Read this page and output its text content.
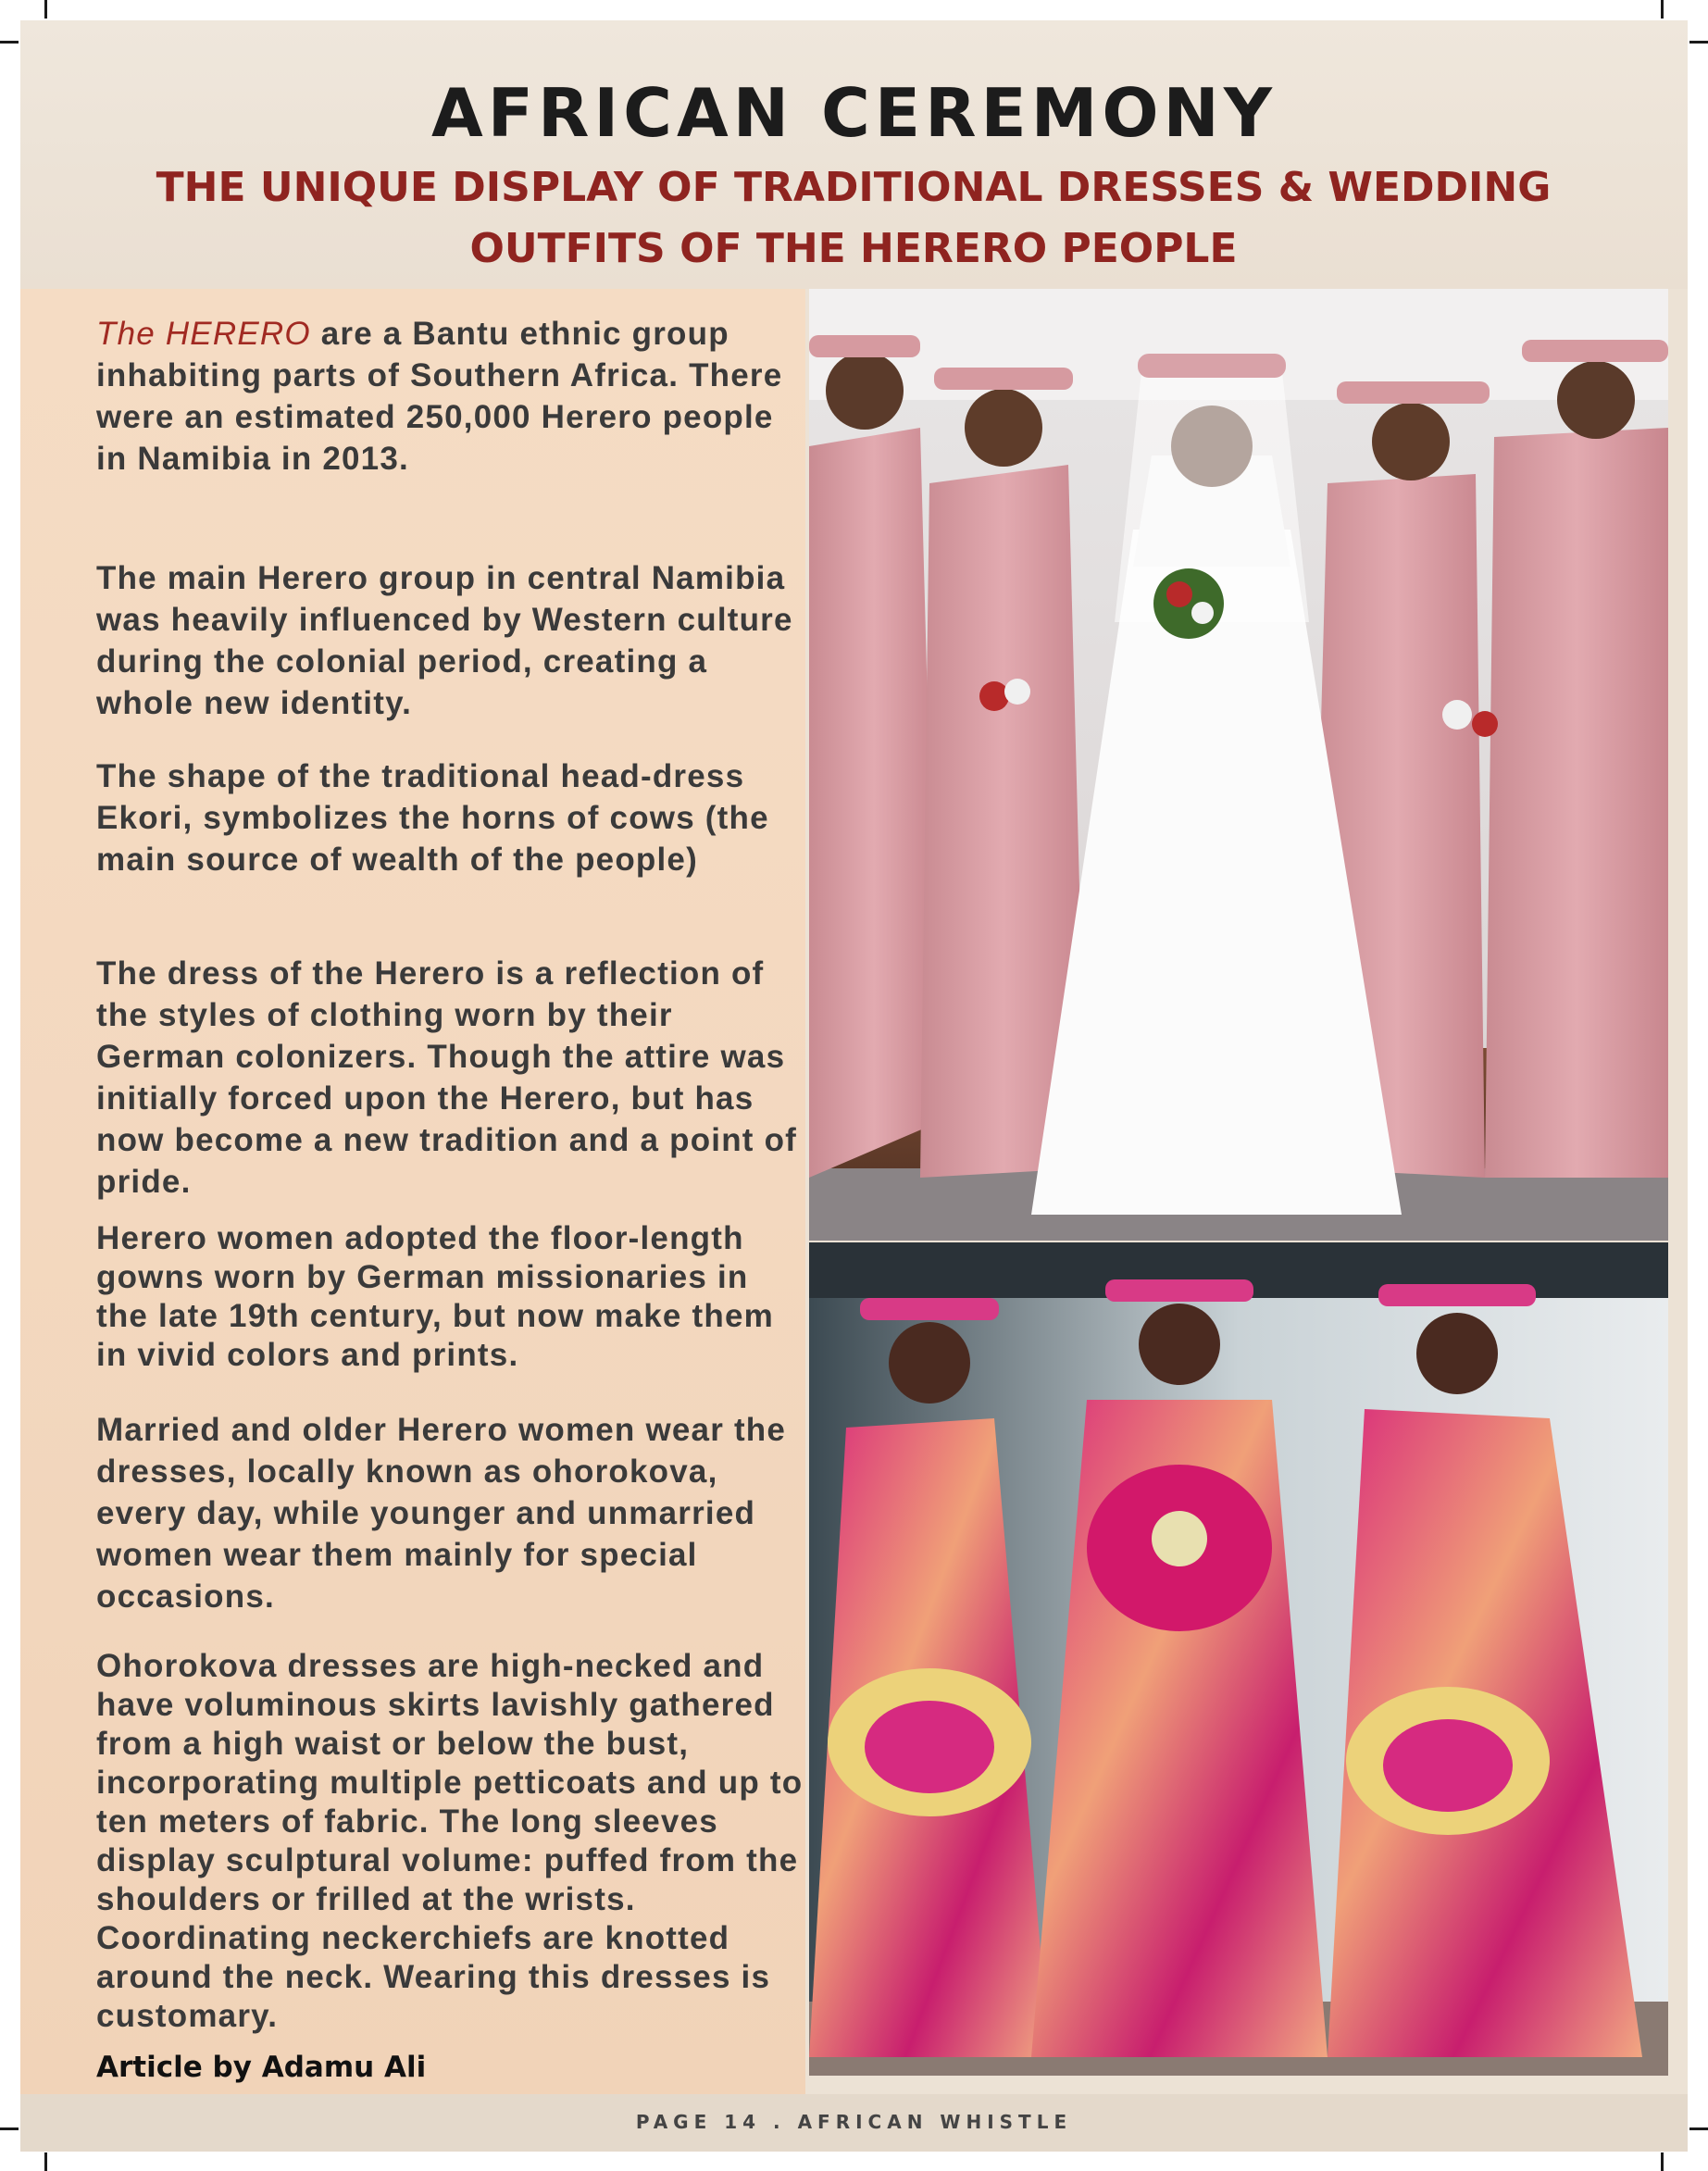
AFRICAN CEREMONY
THE UNIQUE DISPLAY OF TRADITIONAL DRESSES & WEDDING OUTFITS OF THE HERERO PEOPLE

The HERERO are a Bantu ethnic group inhabiting parts of Southern Africa. There were an estimated 250,000 Herero people in Namibia in 2013.

The main Herero group in central Namibia was heavily influenced by Western culture during the colonial period, creating a whole new identity.

The shape of the traditional head-dress Ekori, symbolizes the horns of cows (the main source of wealth of the people)

The dress of the Herero is a reflection of the styles of clothing worn by their German colonizers. Though the attire was initially forced upon the Herero, but has now become a new tradition and a point of pride.

Herero women adopted the floor-length gowns worn by German missionaries in the late 19th century, but now make them in vivid colors and prints.

Married and older Herero women wear the dresses, locally known as ohorokova, every day, while younger and unmarried women wear them mainly for special occasions.

Ohorokova dresses are high-necked and have voluminous skirts lavishly gathered from a high waist or below the bust, incorporating multiple petticoats and up to ten meters of fabric. The long sleeves display sculptural volume: puffed from the shoulders or frilled at the wrists. Coordinating neckerchiefs are knotted around the neck. Wearing this dresses is customary.

Article by Adamu Ali
PAGE 14 . AFRICAN WHISTLE
